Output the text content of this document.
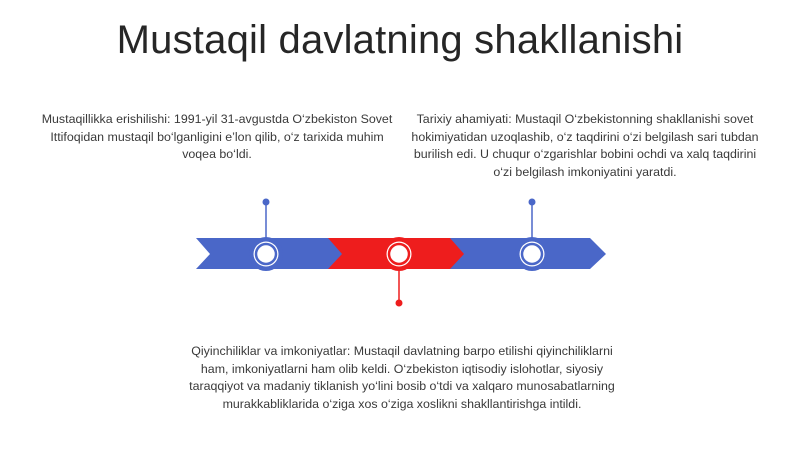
Mustaqil davlatning shakllanishi
Mustaqillikka erishilishi: 1991-yil 31-avgustda O‘zbekiston Sovet Ittifoqidan mustaqil bo‘lganligini e’lon qilib, o‘z tarixida muhim voqea bo‘ldi.
Tarixiy ahamiyati: Mustaqil O‘zbekistonning shakllanishi sovet hokimiyatidan uzoqlashib, o‘z taqdirini o‘zi belgilash sari tubdan burilish edi. U chuqur o‘zgarishlar bobini ochdi va xalq taqdirini o‘zi belgilash imkoniyatini yaratdi.
Qiyinchiliklar va imkoniyatlar: Mustaqil davlatning barpo etilishi qiyinchiliklarni ham, imkoniyatlarni ham olib keldi. O‘zbekiston iqtisodiy islohotlar, siyosiy taraqqiyot va madaniy tiklanish yo‘lini bosib o‘tdi va xalqaro munosabatlarning murakkabliklarida o‘ziga xos o‘ziga xoslikni shakllantirishga intildi.
